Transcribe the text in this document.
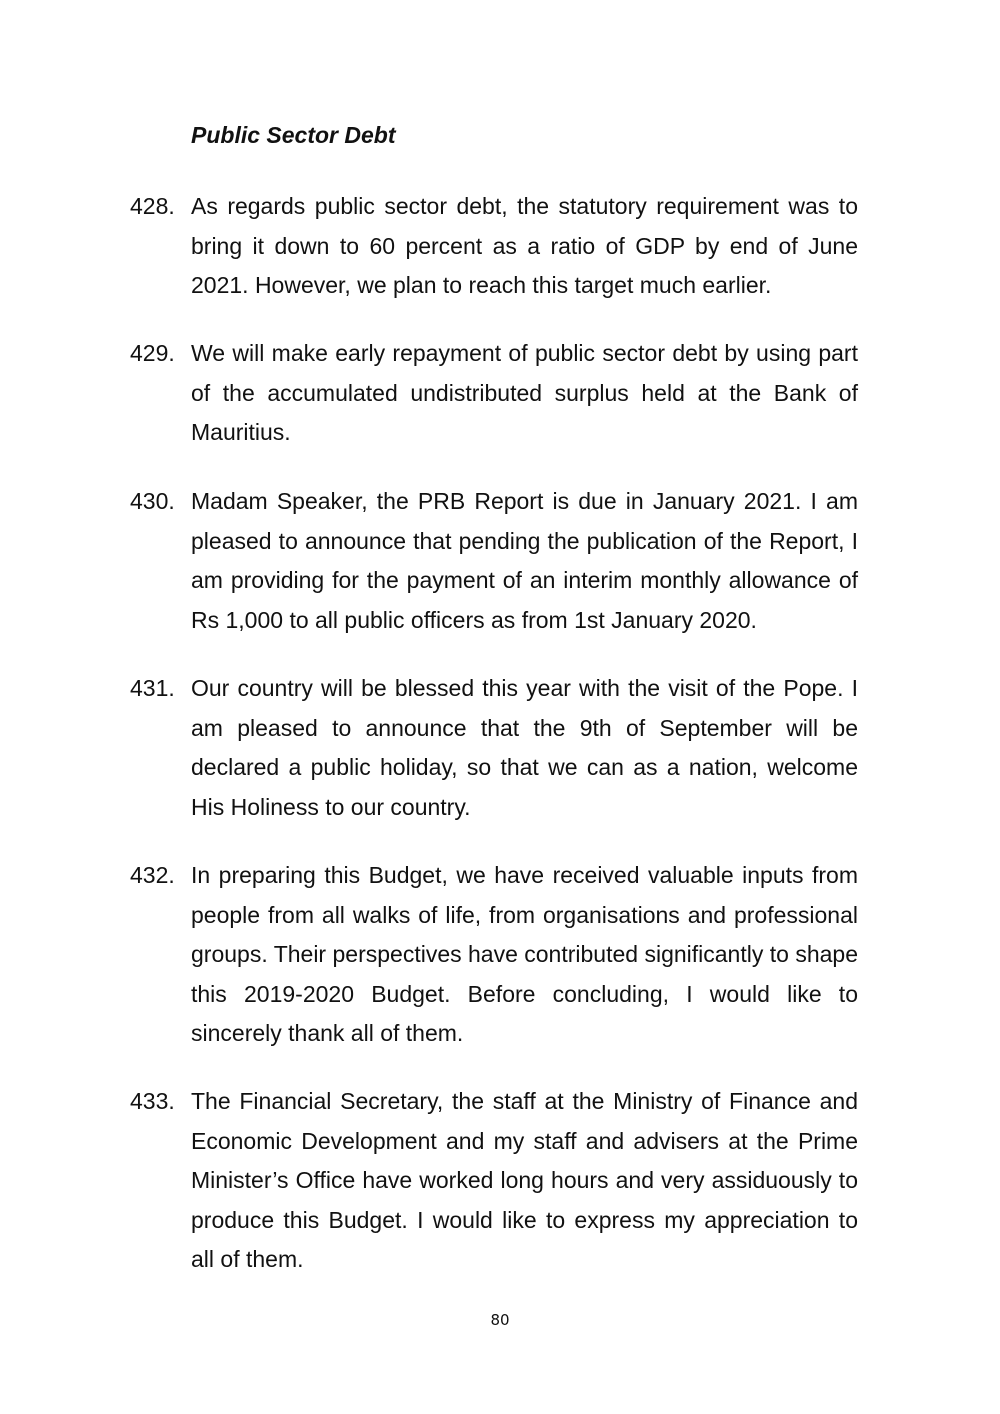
Public Sector Debt
428. As regards public sector debt, the statutory requirement was to bring it down to 60 percent as a ratio of GDP by end of June 2021. However, we plan to reach this target much earlier.
429. We will make early repayment of public sector debt by using part of the accumulated undistributed surplus held at the Bank of Mauritius.
430. Madam Speaker, the PRB Report is due in January 2021. I am pleased to announce that pending the publication of the Report, I am providing for the payment of an interim monthly allowance of Rs 1,000 to all public officers as from 1st January 2020.
431. Our country will be blessed this year with the visit of the Pope. I am pleased to announce that the 9th of September will be declared a public holiday, so that we can as a nation, welcome His Holiness to our country.
432. In preparing this Budget, we have received valuable inputs from people from all walks of life, from organisations and professional groups. Their perspectives have contributed significantly to shape this 2019-2020 Budget. Before concluding, I would like to sincerely thank all of them.
433. The Financial Secretary, the staff at the Ministry of Finance and Economic Development and my staff and advisers at the Prime Minister’s Office have worked long hours and very assiduously to produce this Budget. I would like to express my appreciation to all of them.
80
